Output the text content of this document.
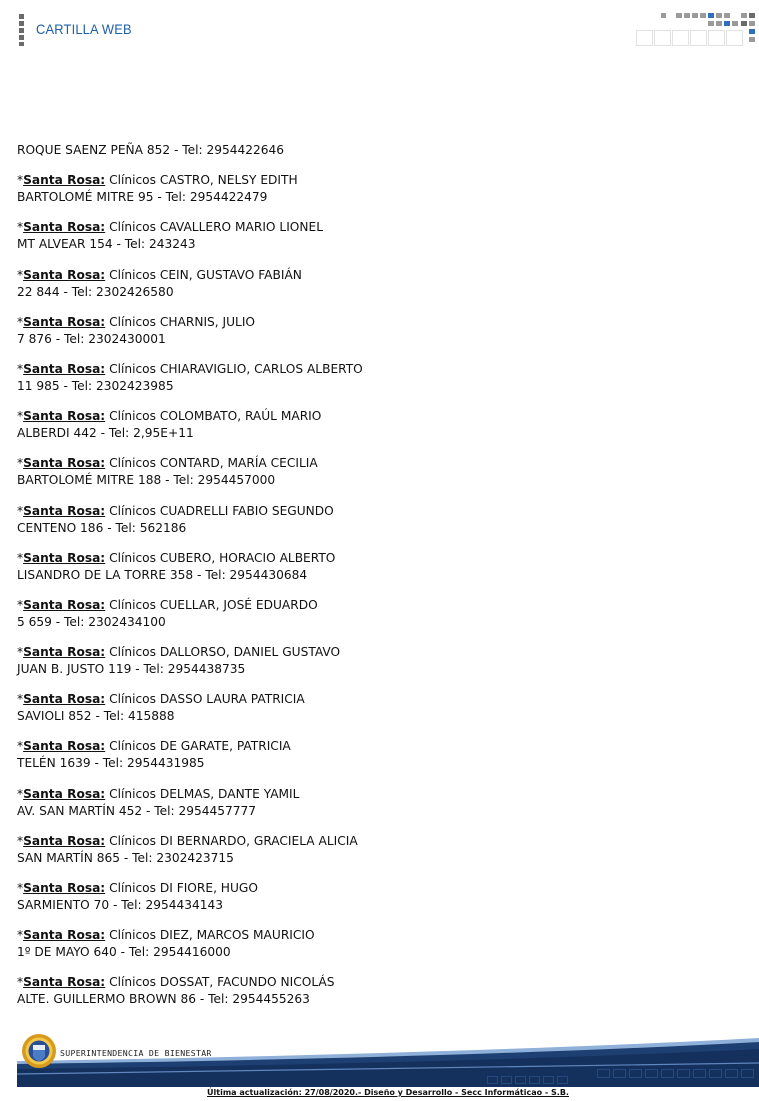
CARTILLA WEB
ROQUE SAENZ PEÑA 852 - Tel: 2954422646
*Santa Rosa: Clínicos CASTRO, NELSY EDITH
BARTOLOMÉ MITRE 95 - Tel: 2954422479
*Santa Rosa: Clínicos CAVALLERO MARIO LIONEL
MT ALVEAR 154 - Tel: 243243
*Santa Rosa: Clínicos CEIN, GUSTAVO FABIÁN
22 844 - Tel: 2302426580
*Santa Rosa: Clínicos CHARNIS, JULIO
7 876 - Tel: 2302430001
*Santa Rosa: Clínicos CHIARAVIGLIO, CARLOS ALBERTO
11 985 - Tel: 2302423985
*Santa Rosa: Clínicos COLOMBATO, RAÚL MARIO
ALBERDI 442 - Tel: 2,95E+11
*Santa Rosa: Clínicos CONTARD, MARÍA CECILIA
BARTOLOMÉ MITRE 188 - Tel: 2954457000
*Santa Rosa: Clínicos CUADRELLI FABIO SEGUNDO
CENTENO 186 - Tel: 562186
*Santa Rosa: Clínicos CUBERO, HORACIO ALBERTO
LISANDRO DE LA TORRE 358 - Tel: 2954430684
*Santa Rosa: Clínicos CUELLAR, JOSÉ EDUARDO
5 659 - Tel: 2302434100
*Santa Rosa: Clínicos DALLORSO, DANIEL GUSTAVO
JUAN B. JUSTO 119 - Tel: 2954438735
*Santa Rosa: Clínicos DASSO LAURA PATRICIA
SAVIOLI 852 - Tel: 415888
*Santa Rosa: Clínicos DE GARATE, PATRICIA
TELÉN 1639 - Tel: 2954431985
*Santa Rosa: Clínicos DELMAS, DANTE YAMIL
AV. SAN MARTÍN 452 - Tel: 2954457777
*Santa Rosa: Clínicos DI BERNARDO, GRACIELA ALICIA
SAN MARTÍN 865 - Tel: 2302423715
*Santa Rosa: Clínicos DI FIORE, HUGO
SARMIENTO 70 - Tel: 2954434143
*Santa Rosa: Clínicos DIEZ, MARCOS MAURICIO
1º DE MAYO 640 - Tel: 2954416000
*Santa Rosa: Clínicos DOSSAT, FACUNDO NICOLÁS
ALTE. GUILLERMO BROWN 86 - Tel: 2954455263
SUPERINTENDENCIA DE BIENESTAR
Última actualización: 27/08/2020.- Diseño y Desarrollo - Secc Informáticao - S.B.
